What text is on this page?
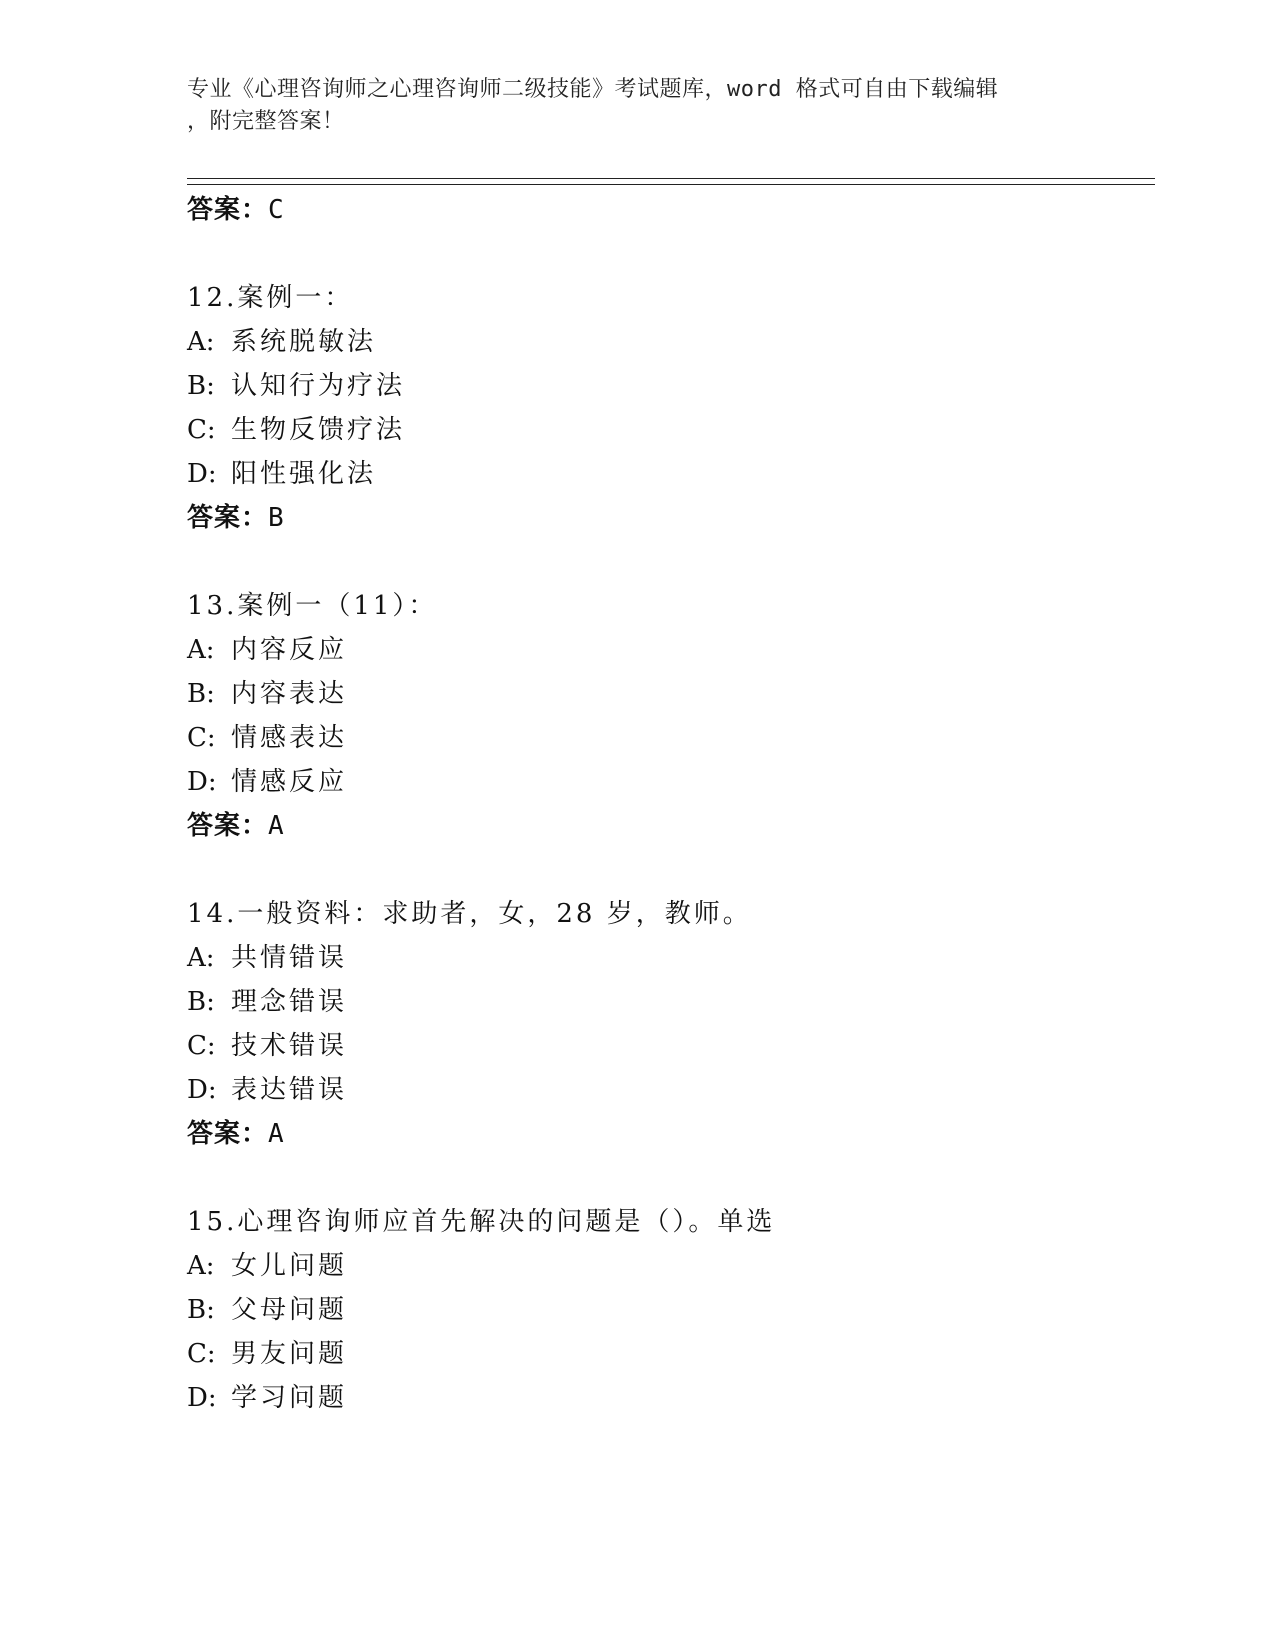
专业《心理咨询师之心理咨询师二级技能》考试题库，word 格式可自由下载编辑
，附完整答案！
答案：C
12.案例一：
A: 系统脱敏法
B: 认知行为疗法
C: 生物反馈疗法
D: 阳性强化法
答案：B
13.案例一（11）：
A: 内容反应
B: 内容表达
C: 情感表达
D: 情感反应
答案：A
14.一般资料：求助者，女，28 岁，教师。
A: 共情错误
B: 理念错误
C: 技术错误
D: 表达错误
答案：A
15.心理咨询师应首先解决的问题是（）。单选
A: 女儿问题
B: 父母问题
C: 男友问题
D: 学习问题
